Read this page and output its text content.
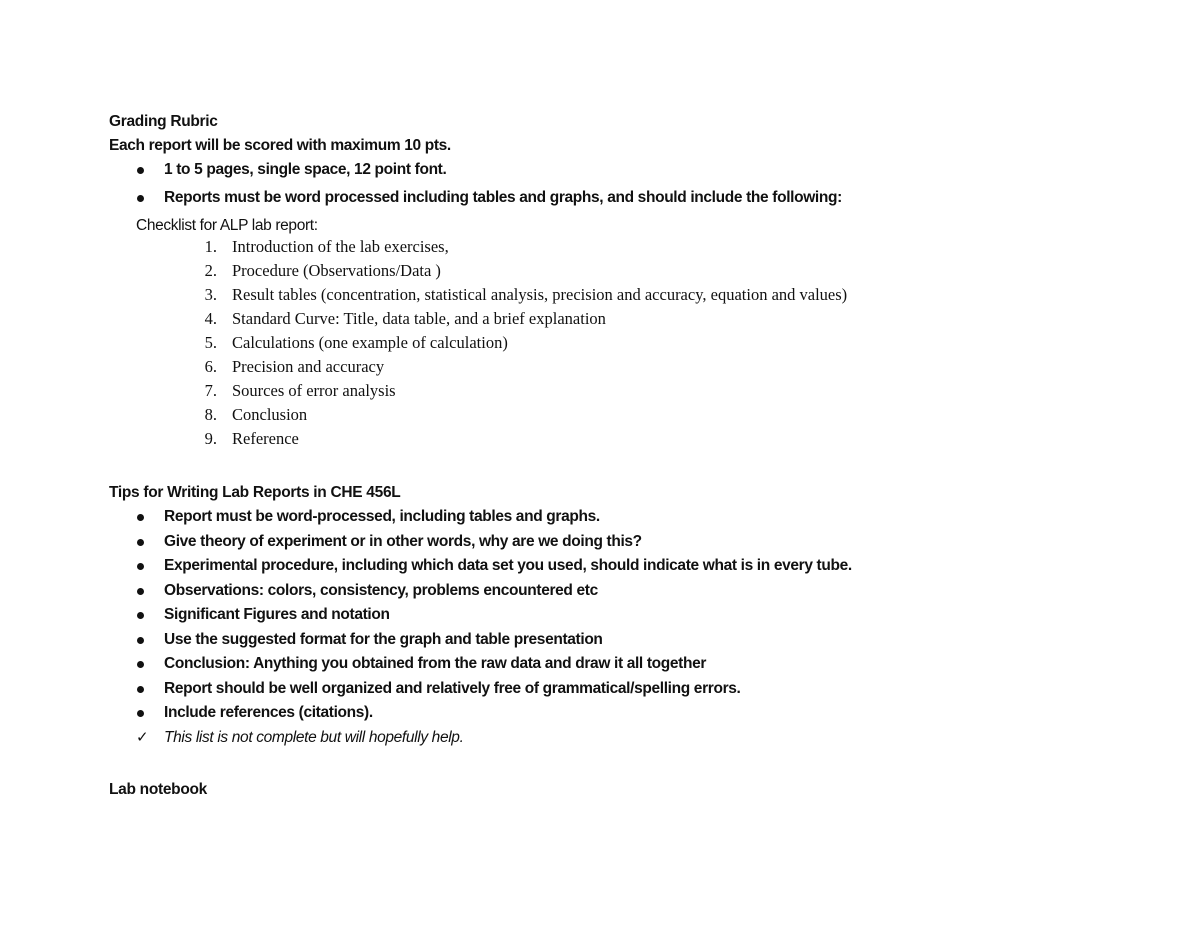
Grading Rubric
Each report will be scored with maximum 10 pts.
1 to 5 pages, single space, 12 point font.
Reports must be word processed including tables and graphs, and should include the following:
Checklist for ALP lab report:
1. Introduction of the lab exercises,
2. Procedure (Observations/Data )
3. Result tables (concentration, statistical analysis, precision and accuracy, equation and values)
4. Standard Curve: Title, data table, and a brief explanation
5. Calculations (one example of calculation)
6. Precision and accuracy
7. Sources of error analysis
8. Conclusion
9. Reference
Tips for Writing Lab Reports in CHE 456L
Report must be word-processed, including tables and graphs.
Give theory of experiment or in other words, why are we doing this?
Experimental procedure, including which data set you used, should indicate what is in every tube.
Observations: colors, consistency, problems encountered etc
Significant Figures and notation
Use the suggested format for the graph and table presentation
Conclusion: Anything you obtained from the raw data and draw it all together
Report should be well organized and relatively free of grammatical/spelling errors.
Include references (citations).
✓ This list is not complete but will hopefully help.
Lab notebook
